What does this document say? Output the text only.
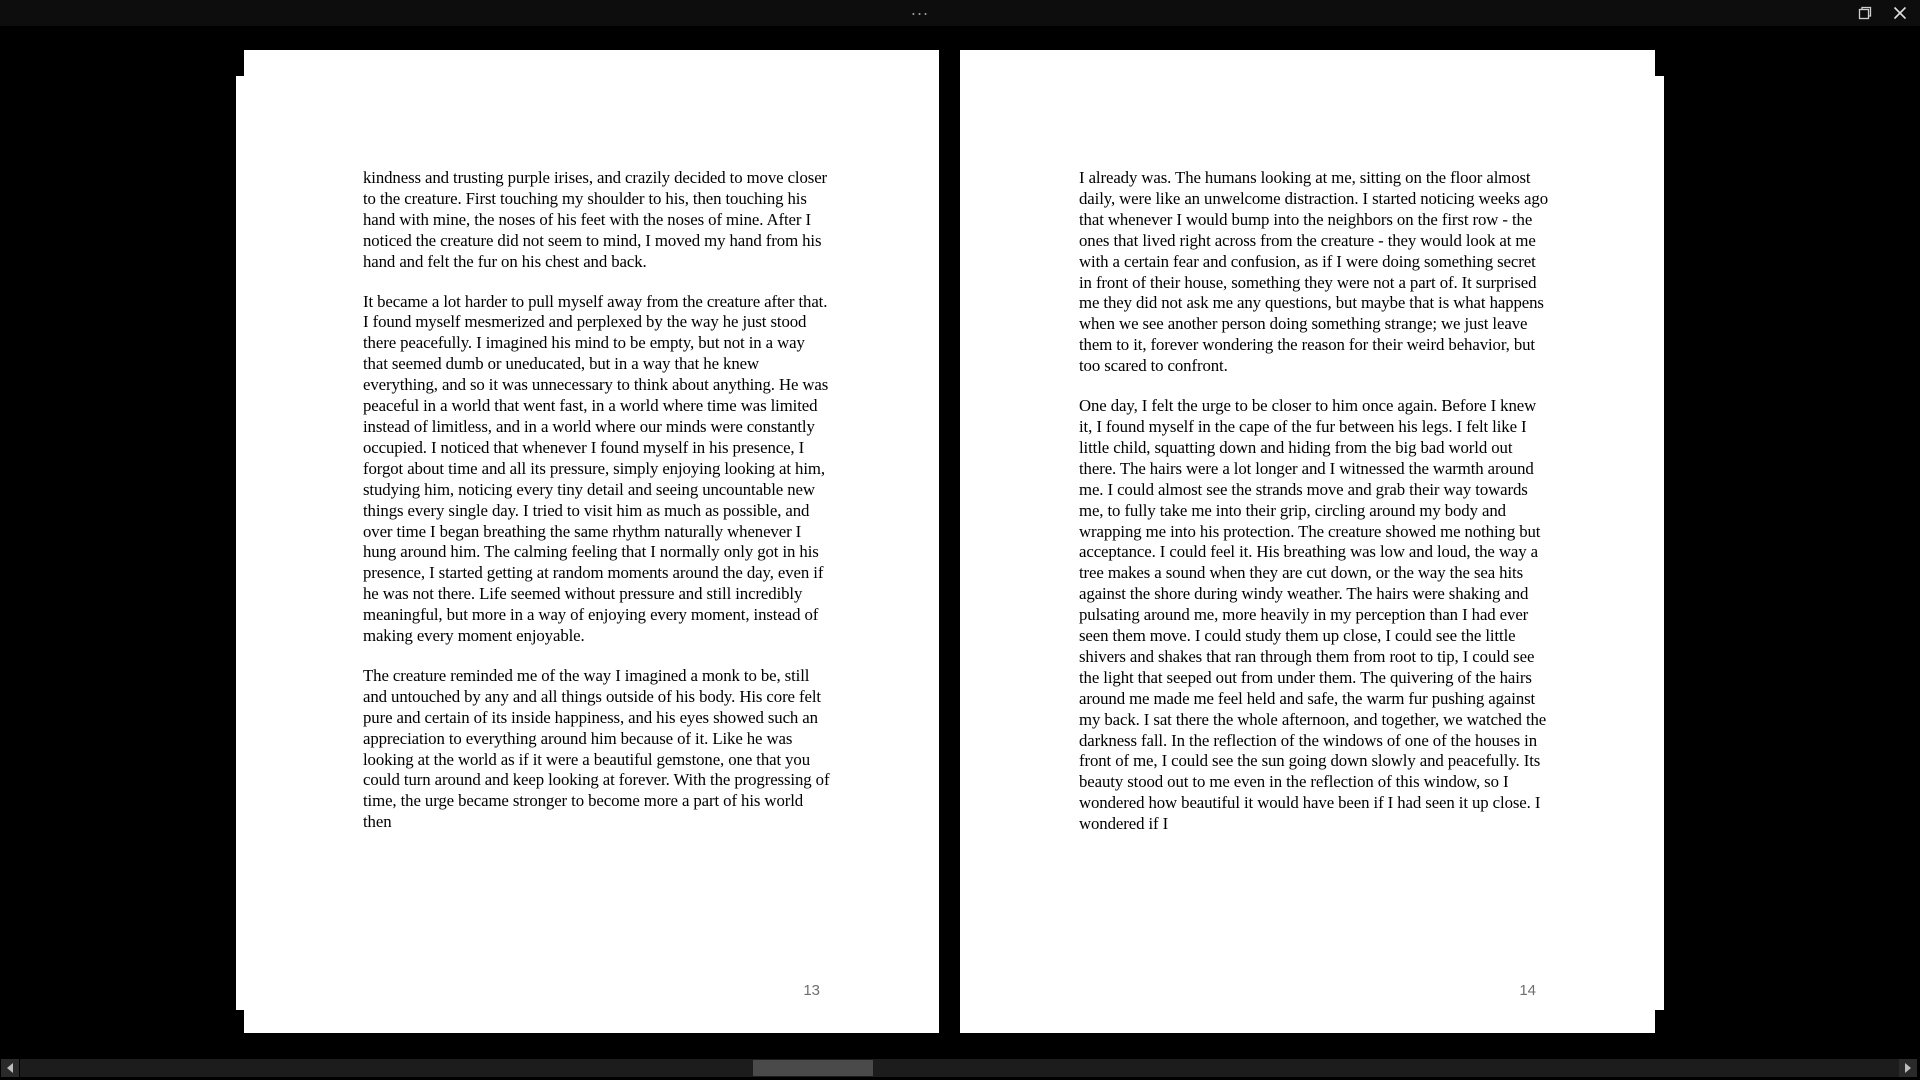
...

kindness and trusting purple irises, and crazily decided to move closer to the creature. First touching my shoulder to his, then touching his hand with mine, the noses of his feet with the noses of mine. After I noticed the creature did not seem to mind, I moved my hand from his hand and felt the fur on his chest and back.

It became a lot harder to pull myself away from the creature after that. I found myself mesmerized and perplexed by the way he just stood there peacefully. I imagined his mind to be empty, but not in a way that seemed dumb or uneducated, but in a way that he knew everything, and so it was unnecessary to think about anything. He was peaceful in a world that went fast, in a world where time was limited instead of limitless, and in a world where our minds were constantly occupied. I noticed that whenever I found myself in his presence, I forgot about time and all its pressure, simply enjoying looking at him, studying him, noticing every tiny detail and seeing uncountable new things every single day. I tried to visit him as much as possible, and over time I began breathing the same rhythm naturally whenever I hung around him. The calming feeling that I normally only got in his presence, I started getting at random moments around the day, even if he was not there. Life seemed without pressure and still incredibly meaningful, but more in a way of enjoying every moment, instead of making every moment enjoyable.

The creature reminded me of the way I imagined a monk to be, still and untouched by any and all things outside of his body. His core felt pure and certain of its inside happiness, and his eyes showed such an appreciation to everything around him because of it. Like he was looking at the world as if it were a beautiful gemstone, one that you could turn around and keep looking at forever. With the progressing of time, the urge became stronger to become more a part of his world then

13

I already was. The humans looking at me, sitting on the floor almost daily, were like an unwelcome distraction. I started noticing weeks ago that whenever I would bump into the neighbors on the first row - the ones that lived right across from the creature - they would look at me with a certain fear and confusion, as if I were doing something secret in front of their house, something they were not a part of. It surprised me they did not ask me any questions, but maybe that is what happens when we see another person doing something strange; we just leave them to it, forever wondering the reason for their weird behavior, but too scared to confront.

One day, I felt the urge to be closer to him once again. Before I knew it, I found myself in the cape of the fur between his legs. I felt like I little child, squatting down and hiding from the big bad world out there. The hairs were a lot longer and I witnessed the warmth around me. I could almost see the strands move and grab their way towards me, to fully take me into their grip, circling around my body and wrapping me into his protection. The creature showed me nothing but acceptance. I could feel it. His breathing was low and loud, the way a tree makes a sound when they are cut down, or the way the sea hits against the shore during windy weather. The hairs were shaking and pulsating around me, more heavily in my perception than I had ever seen them move. I could study them up close, I could see the little shivers and shakes that ran through them from root to tip, I could see the light that seeped out from under them. The quivering of the hairs around me made me feel held and safe, the warm fur pushing against my back. I sat there the whole afternoon, and together, we watched the darkness fall. In the reflection of the windows of one of the houses in front of me, I could see the sun going down slowly and peacefully. Its beauty stood out to me even in the reflection of this window, so I wondered how beautiful it would have been if I had seen it up close. I wondered if I

14
